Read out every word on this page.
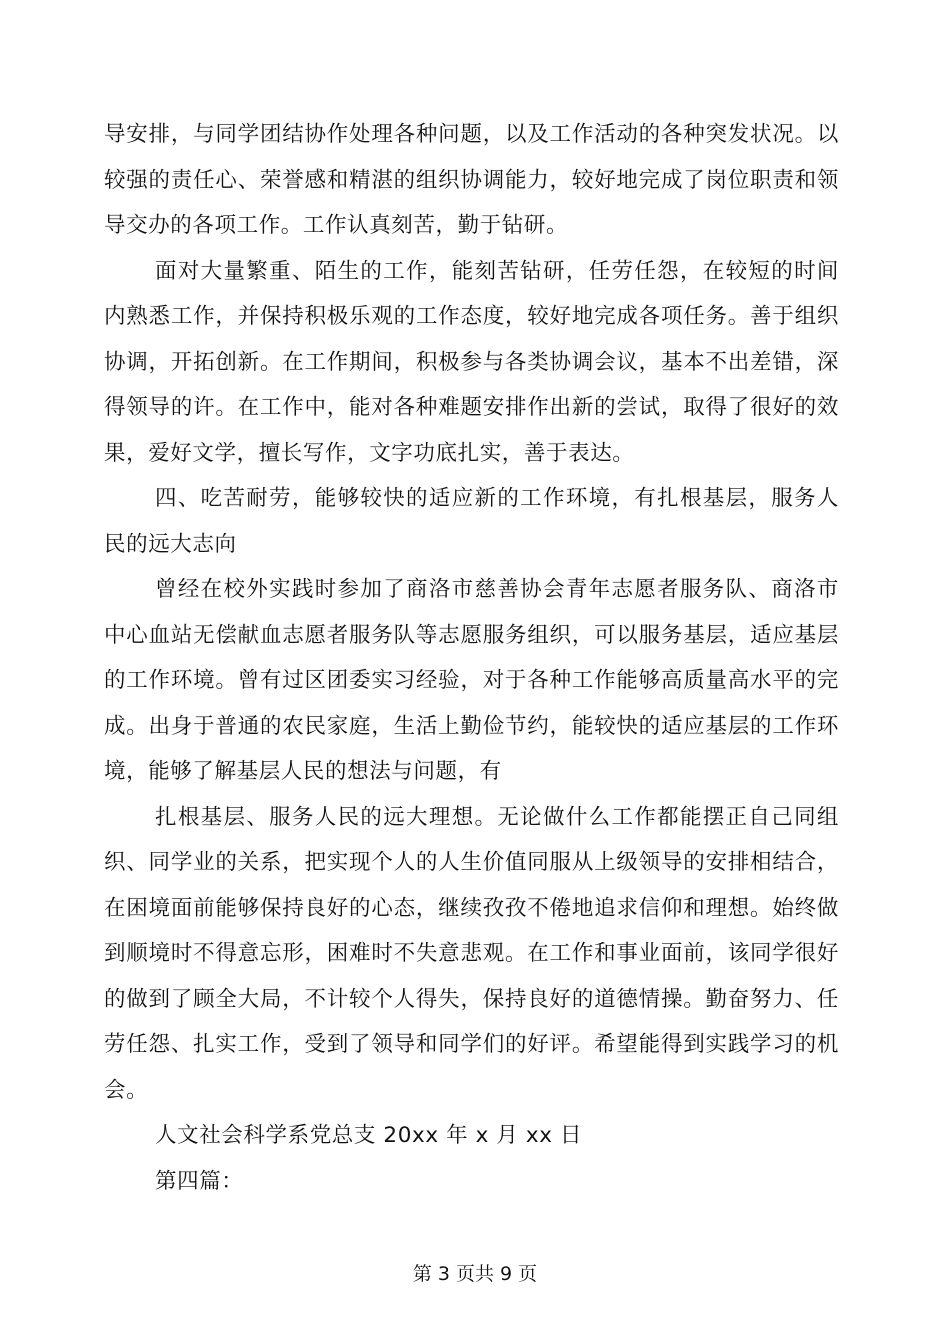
导安排，与同学团结协作处理各种问题，以及工作活动的各种突发状况。以较强的责任心、荣誉感和精湛的组织协调能力，较好地完成了岗位职责和领导交办的各项工作。工作认真刻苦，勤于钻研。

面对大量繁重、陌生的工作，能刻苦钻研，任劳任怨，在较短的时间内熟悉工作，并保持积极乐观的工作态度，较好地完成各项任务。善于组织协调，开拓创新。在工作期间，积极参与各类协调会议，基本不出差错，深得领导的许。在工作中，能对各种难题安排作出新的尝试，取得了很好的效果，爱好文学，擅长写作，文字功底扎实，善于表达。

四、吃苦耐劳，能够较快的适应新的工作环境，有扎根基层，服务人民的远大志向

曾经在校外实践时参加了商洛市慈善协会青年志愿者服务队、商洛市中心血站无偿献血志愿者服务队等志愿服务组织，可以服务基层，适应基层的工作环境。曾有过区团委实习经验，对于各种工作能够高质量高水平的完成。出身于普通的农民家庭，生活上勤俭节约，能较快的适应基层的工作环境，能够了解基层人民的想法与问题，有

扎根基层、服务人民的远大理想。无论做什么工作都能摆正自己同组织、同学业的关系，把实现个人的人生价值同服从上级领导的安排相结合，在困境面前能够保持良好的心态，继续孜孜不倦地追求信仰和理想。始终做到顺境时不得意忘形，困难时不失意悲观。在工作和事业面前，该同学很好的做到了顾全大局，不计较个人得失，保持良好的道德情操。勤奋努力、任劳任怨、扎实工作，受到了领导和同学们的好评。希望能得到实践学习的机会。

人文社会科学系党总支 20xx 年 x 月 xx 日

第四篇：

第 3 页共 9 页
